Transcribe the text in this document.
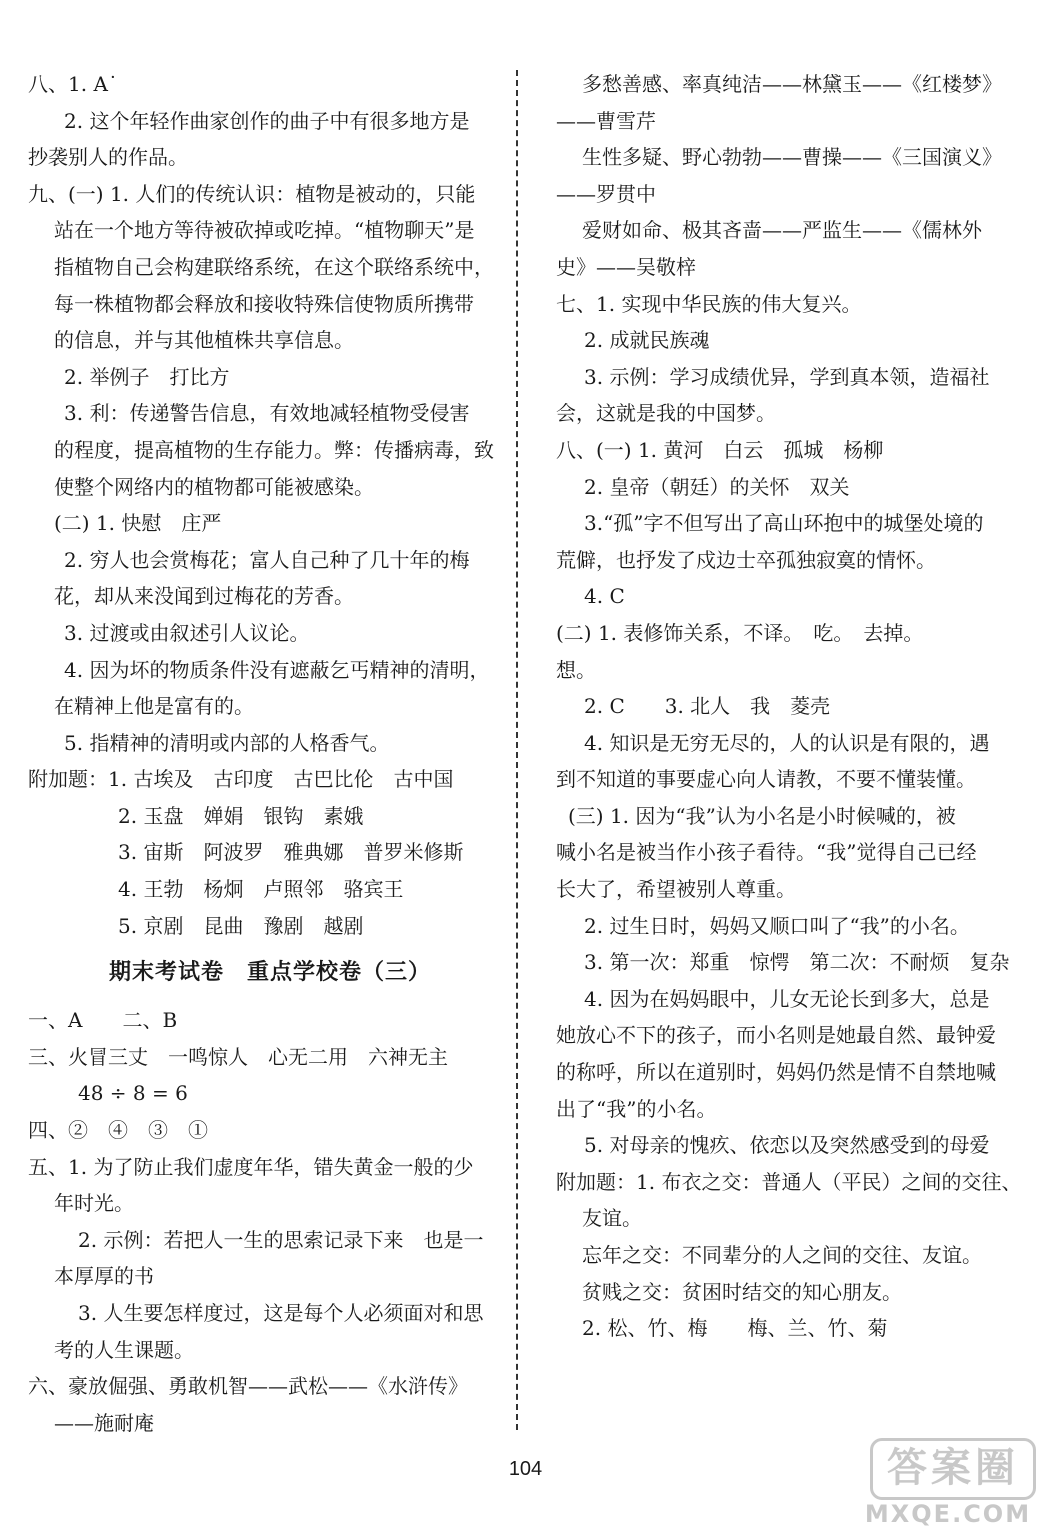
八、1. A˙
2. 这个年轻作曲家创作的曲子中有很多地方是
抄袭别人的作品。
九、(一) 1. 人们的传统认识：植物是被动的，只能
站在一个地方等待被砍掉或吃掉。“植物聊天”是
指植物自己会构建联络系统，在这个联络系统中，
每一株植物都会释放和接收特殊信使物质所携带
的信息，并与其他植株共享信息。
2. 举例子　打比方
3. 利：传递警告信息，有效地减轻植物受侵害
的程度，提高植物的生存能力。弊：传播病毒，致
使整个网络内的植物都可能被感染。
(二) 1. 快慰　庄严
2. 穷人也会赏梅花；富人自己种了几十年的梅
花，却从来没闻到过梅花的芳香。
3. 过渡或由叙述引人议论。
4. 因为坏的物质条件没有遮蔽乞丐精神的清明，
在精神上他是富有的。
5. 指精神的清明或内部的人格香气。
附加题：1. 古埃及　古印度　古巴比伦　古中国
2. 玉盘　婵娟　银钩　素娥
3. 宙斯　阿波罗　雅典娜　普罗米修斯
4. 王勃　杨炯　卢照邻　骆宾王
5. 京剧　昆曲　豫剧　越剧
期末考试卷　重点学校卷（三）
一、A　　二、B
三、火冒三丈　一鸣惊人　心无二用　六神无主
48 ÷ 8 = 6
四、②　④　③　①
五、1. 为了防止我们虚度年华，错失黄金一般的少
年时光。
2. 示例：若把人一生的思索记录下来　也是一
本厚厚的书
3. 人生要怎样度过，这是每个人必须面对和思
考的人生课题。
六、豪放倔强、勇敢机智——武松——《水浒传》
——施耐庵
多愁善感、率真纯洁——林黛玉——《红楼梦》
——曹雪芹
生性多疑、野心勃勃——曹操——《三国演义》
——罗贯中
爱财如命、极其吝啬——严监生——《儒林外
史》——吴敬梓
七、1. 实现中华民族的伟大复兴。
2. 成就民族魂
3. 示例：学习成绩优异，学到真本领，造福社
会，这就是我的中国梦。
八、(一) 1. 黄河　白云　孤城　杨柳
2. 皇帝（朝廷）的关怀　双关
3.“孤”字不但写出了高山环抱中的城堡处境的
荒僻，也抒发了戍边士卒孤独寂寞的情怀。
4. C
(二) 1. 表修饰关系，不译。　吃。　去掉。
想。
2. C　　3. 北人　我　菱壳
4. 知识是无穷无尽的，人的认识是有限的，遇
到不知道的事要虚心向人请教，不要不懂装懂。
(三) 1. 因为“我”认为小名是小时候喊的，被
喊小名是被当作小孩子看待。“我”觉得自己已经
长大了，希望被别人尊重。
2. 过生日时，妈妈又顺口叫了“我”的小名。
3. 第一次：郑重　惊愕　第二次：不耐烦　复杂
4. 因为在妈妈眼中，儿女无论长到多大，总是
她放心不下的孩子，而小名则是她最自然、最钟爱
的称呼，所以在道别时，妈妈仍然是情不自禁地喊
出了“我”的小名。
5. 对母亲的愧疚、依恋以及突然感受到的母爱
附加题：1. 布衣之交：普通人（平民）之间的交往、
友谊。
忘年之交：不同辈分的人之间的交往、友谊。
贫贱之交：贫困时结交的知心朋友。
2. 松、竹、梅　　梅、兰、竹、菊
104	答案圈
MXQE.COM
